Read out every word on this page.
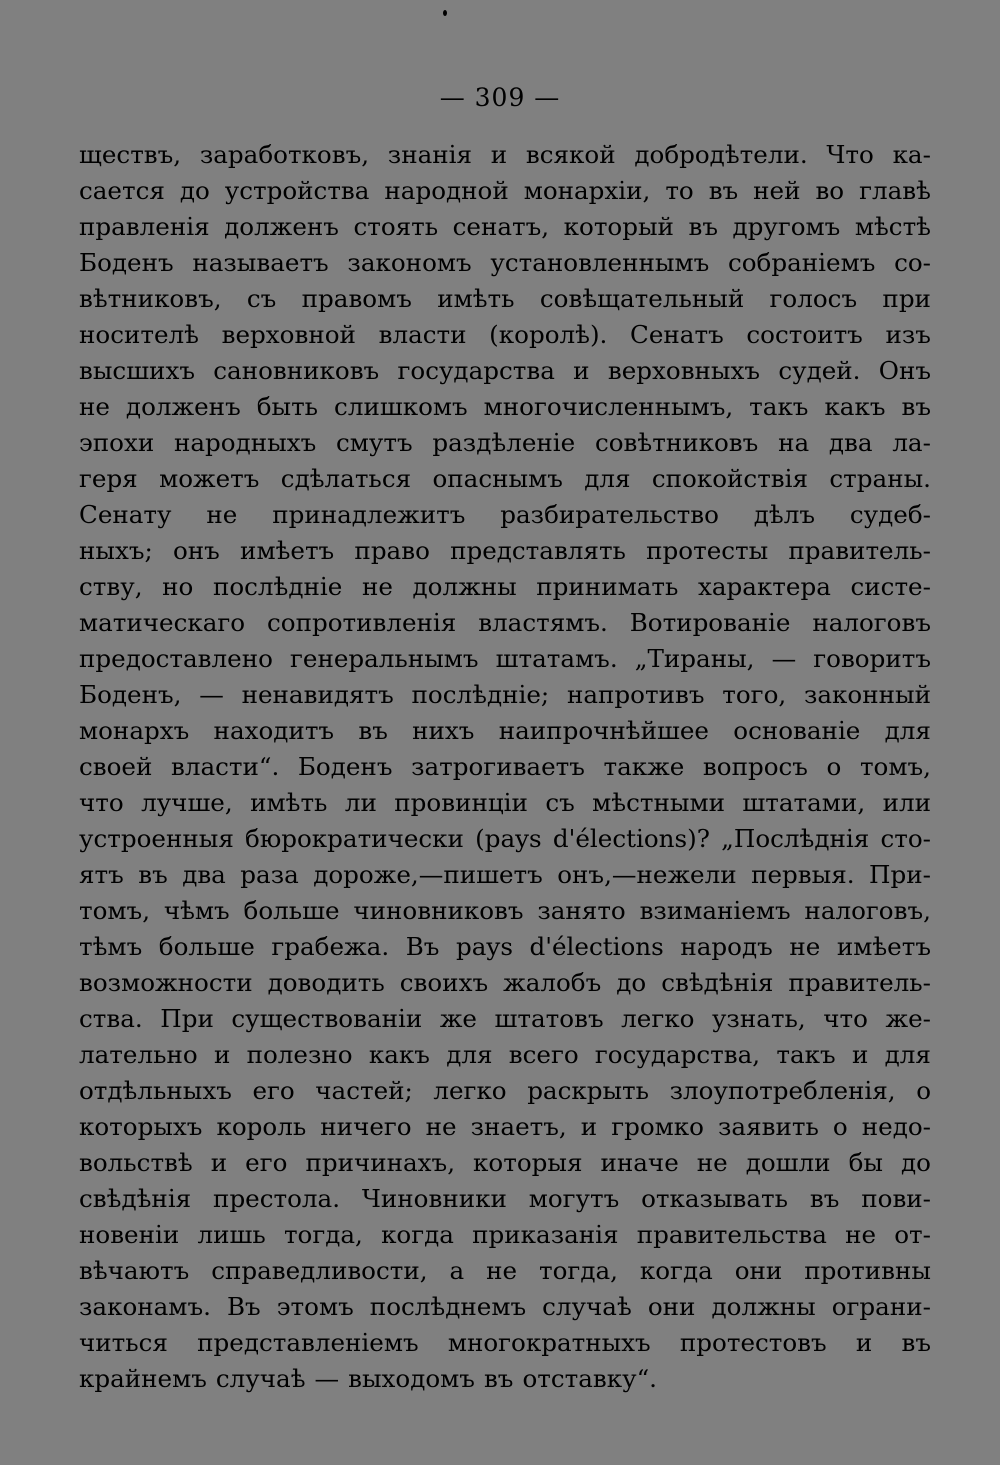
— 309 —
ществъ, заработковъ, знанія и всякой добродѣтели. Что ка-
сается до устройства народной монархіи, то въ ней во главѣ
правленія долженъ стоять сенатъ, который въ другомъ мѣстѣ
Боденъ называетъ закономъ установленнымъ собраніемъ со-
вѣтниковъ, съ правомъ имѣть совѣщательный голосъ при
носителѣ верховной власти (королѣ). Сенатъ состоитъ изъ
высшихъ сановниковъ государства и верховныхъ судей. Онъ
не долженъ быть слишкомъ многочисленнымъ, такъ какъ въ
эпохи народныхъ смутъ раздѣленіе совѣтниковъ на два ла-
геря можетъ сдѣлаться опаснымъ для спокойствія страны.
Сенату не принадлежитъ разбирательство дѣлъ судеб-
ныхъ; онъ имѣетъ право представлять протесты правитель-
ству, но послѣдніе не должны принимать характера систе-
матическаго сопротивленія властямъ. Вотированіе налоговъ
предоставлено генеральнымъ штатамъ. „Тираны, — говоритъ
Боденъ, — ненавидятъ послѣдніе; напротивъ того, законный
монархъ находитъ въ нихъ наипрочнѣйшее основаніе для
своей власти“. Боденъ затрогиваетъ также вопросъ о томъ,
что лучше, имѣть ли провинціи съ мѣстными штатами, или
устроенныя бюрократически (pays d'élections)? „Послѣднія сто-
ятъ въ два раза дороже,—пишетъ онъ,—нежели первыя. При-
томъ, чѣмъ больше чиновниковъ занято взиманіемъ налоговъ,
тѣмъ больше грабежа. Въ pays d'élections народъ не имѣетъ
возможности доводить своихъ жалобъ до свѣдѣнія правитель-
ства. При существованіи же штатовъ легко узнать, что же-
лательно и полезно какъ для всего государства, такъ и для
отдѣльныхъ его частей; легко раскрыть злоупотребленія, о
которыхъ король ничего не знаетъ, и громко заявить о недо-
вольствѣ и его причинахъ, которыя иначе не дошли бы до
свѣдѣнія престола. Чиновники могутъ отказывать въ пови-
новеніи лишь тогда, когда приказанія правительства не от-
вѣчаютъ справедливости, а не тогда, когда они противны
законамъ. Въ этомъ послѣднемъ случаѣ они должны ограни-
читься представленіемъ многократныхъ протестовъ и въ
крайнемъ случаѣ — выходомъ въ отставку“.
